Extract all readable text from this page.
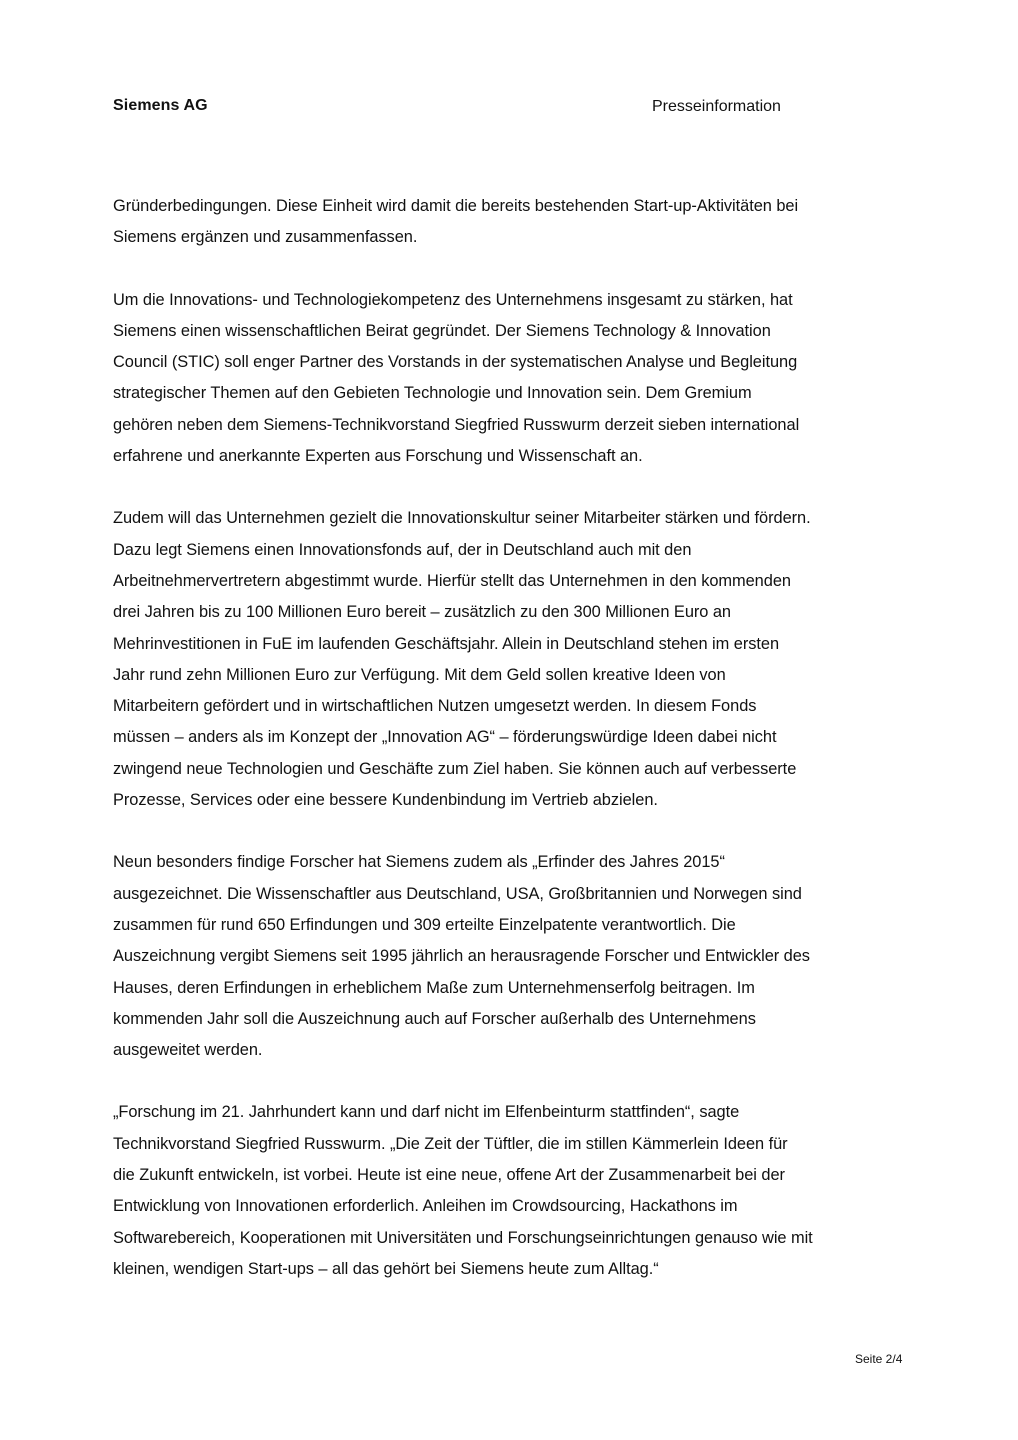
Siemens AG	Presseinformation

Gründerbedingungen. Diese Einheit wird damit die bereits bestehenden Start-up-Aktivitäten bei
Siemens ergänzen und zusammenfassen.

Um die Innovations- und Technologiekompetenz des Unternehmens insgesamt zu stärken, hat
Siemens einen wissenschaftlichen Beirat gegründet. Der Siemens Technology & Innovation
Council (STIC) soll enger Partner des Vorstands in der systematischen Analyse und Begleitung
strategischer Themen auf den Gebieten Technologie und Innovation sein. Dem Gremium
gehören neben dem Siemens-Technikvorstand Siegfried Russwurm derzeit sieben international
erfahrene und anerkannte Experten aus Forschung und Wissenschaft an.

Zudem will das Unternehmen gezielt die Innovationskultur seiner Mitarbeiter stärken und fördern.
Dazu legt Siemens einen Innovationsfonds auf, der in Deutschland auch mit den
Arbeitnehmervertretern abgestimmt wurde. Hierfür stellt das Unternehmen in den kommenden
drei Jahren bis zu 100 Millionen Euro bereit – zusätzlich zu den 300 Millionen Euro an
Mehrinvestitionen in FuE im laufenden Geschäftsjahr. Allein in Deutschland stehen im ersten
Jahr rund zehn Millionen Euro zur Verfügung. Mit dem Geld sollen kreative Ideen von
Mitarbeitern gefördert und in wirtschaftlichen Nutzen umgesetzt werden. In diesem Fonds
müssen – anders als im Konzept der „Innovation AG“ – förderungswürdige Ideen dabei nicht
zwingend neue Technologien und Geschäfte zum Ziel haben. Sie können auch auf verbesserte
Prozesse, Services oder eine bessere Kundenbindung im Vertrieb abzielen.

Neun besonders findige Forscher hat Siemens zudem als „Erfinder des Jahres 2015“
ausgezeichnet. Die Wissenschaftler aus Deutschland, USA, Großbritannien und Norwegen sind
zusammen für rund 650 Erfindungen und 309 erteilte Einzelpatente verantwortlich. Die
Auszeichnung vergibt Siemens seit 1995 jährlich an herausragende Forscher und Entwickler des
Hauses, deren Erfindungen in erheblichem Maße zum Unternehmenserfolg beitragen. Im
kommenden Jahr soll die Auszeichnung auch auf Forscher außerhalb des Unternehmens
ausgeweitet werden.

„Forschung im 21. Jahrhundert kann und darf nicht im Elfenbeinturm stattfinden“, sagte
Technikvorstand Siegfried Russwurm. „Die Zeit der Tüftler, die im stillen Kämmerlein Ideen für
die Zukunft entwickeln, ist vorbei. Heute ist eine neue, offene Art der Zusammenarbeit bei der
Entwicklung von Innovationen erforderlich. Anleihen im Crowdsourcing, Hackathons im
Softwarebereich, Kooperationen mit Universitäten und Forschungseinrichtungen genauso wie mit
kleinen, wendigen Start-ups – all das gehört bei Siemens heute zum Alltag.“

Seite 2/4
